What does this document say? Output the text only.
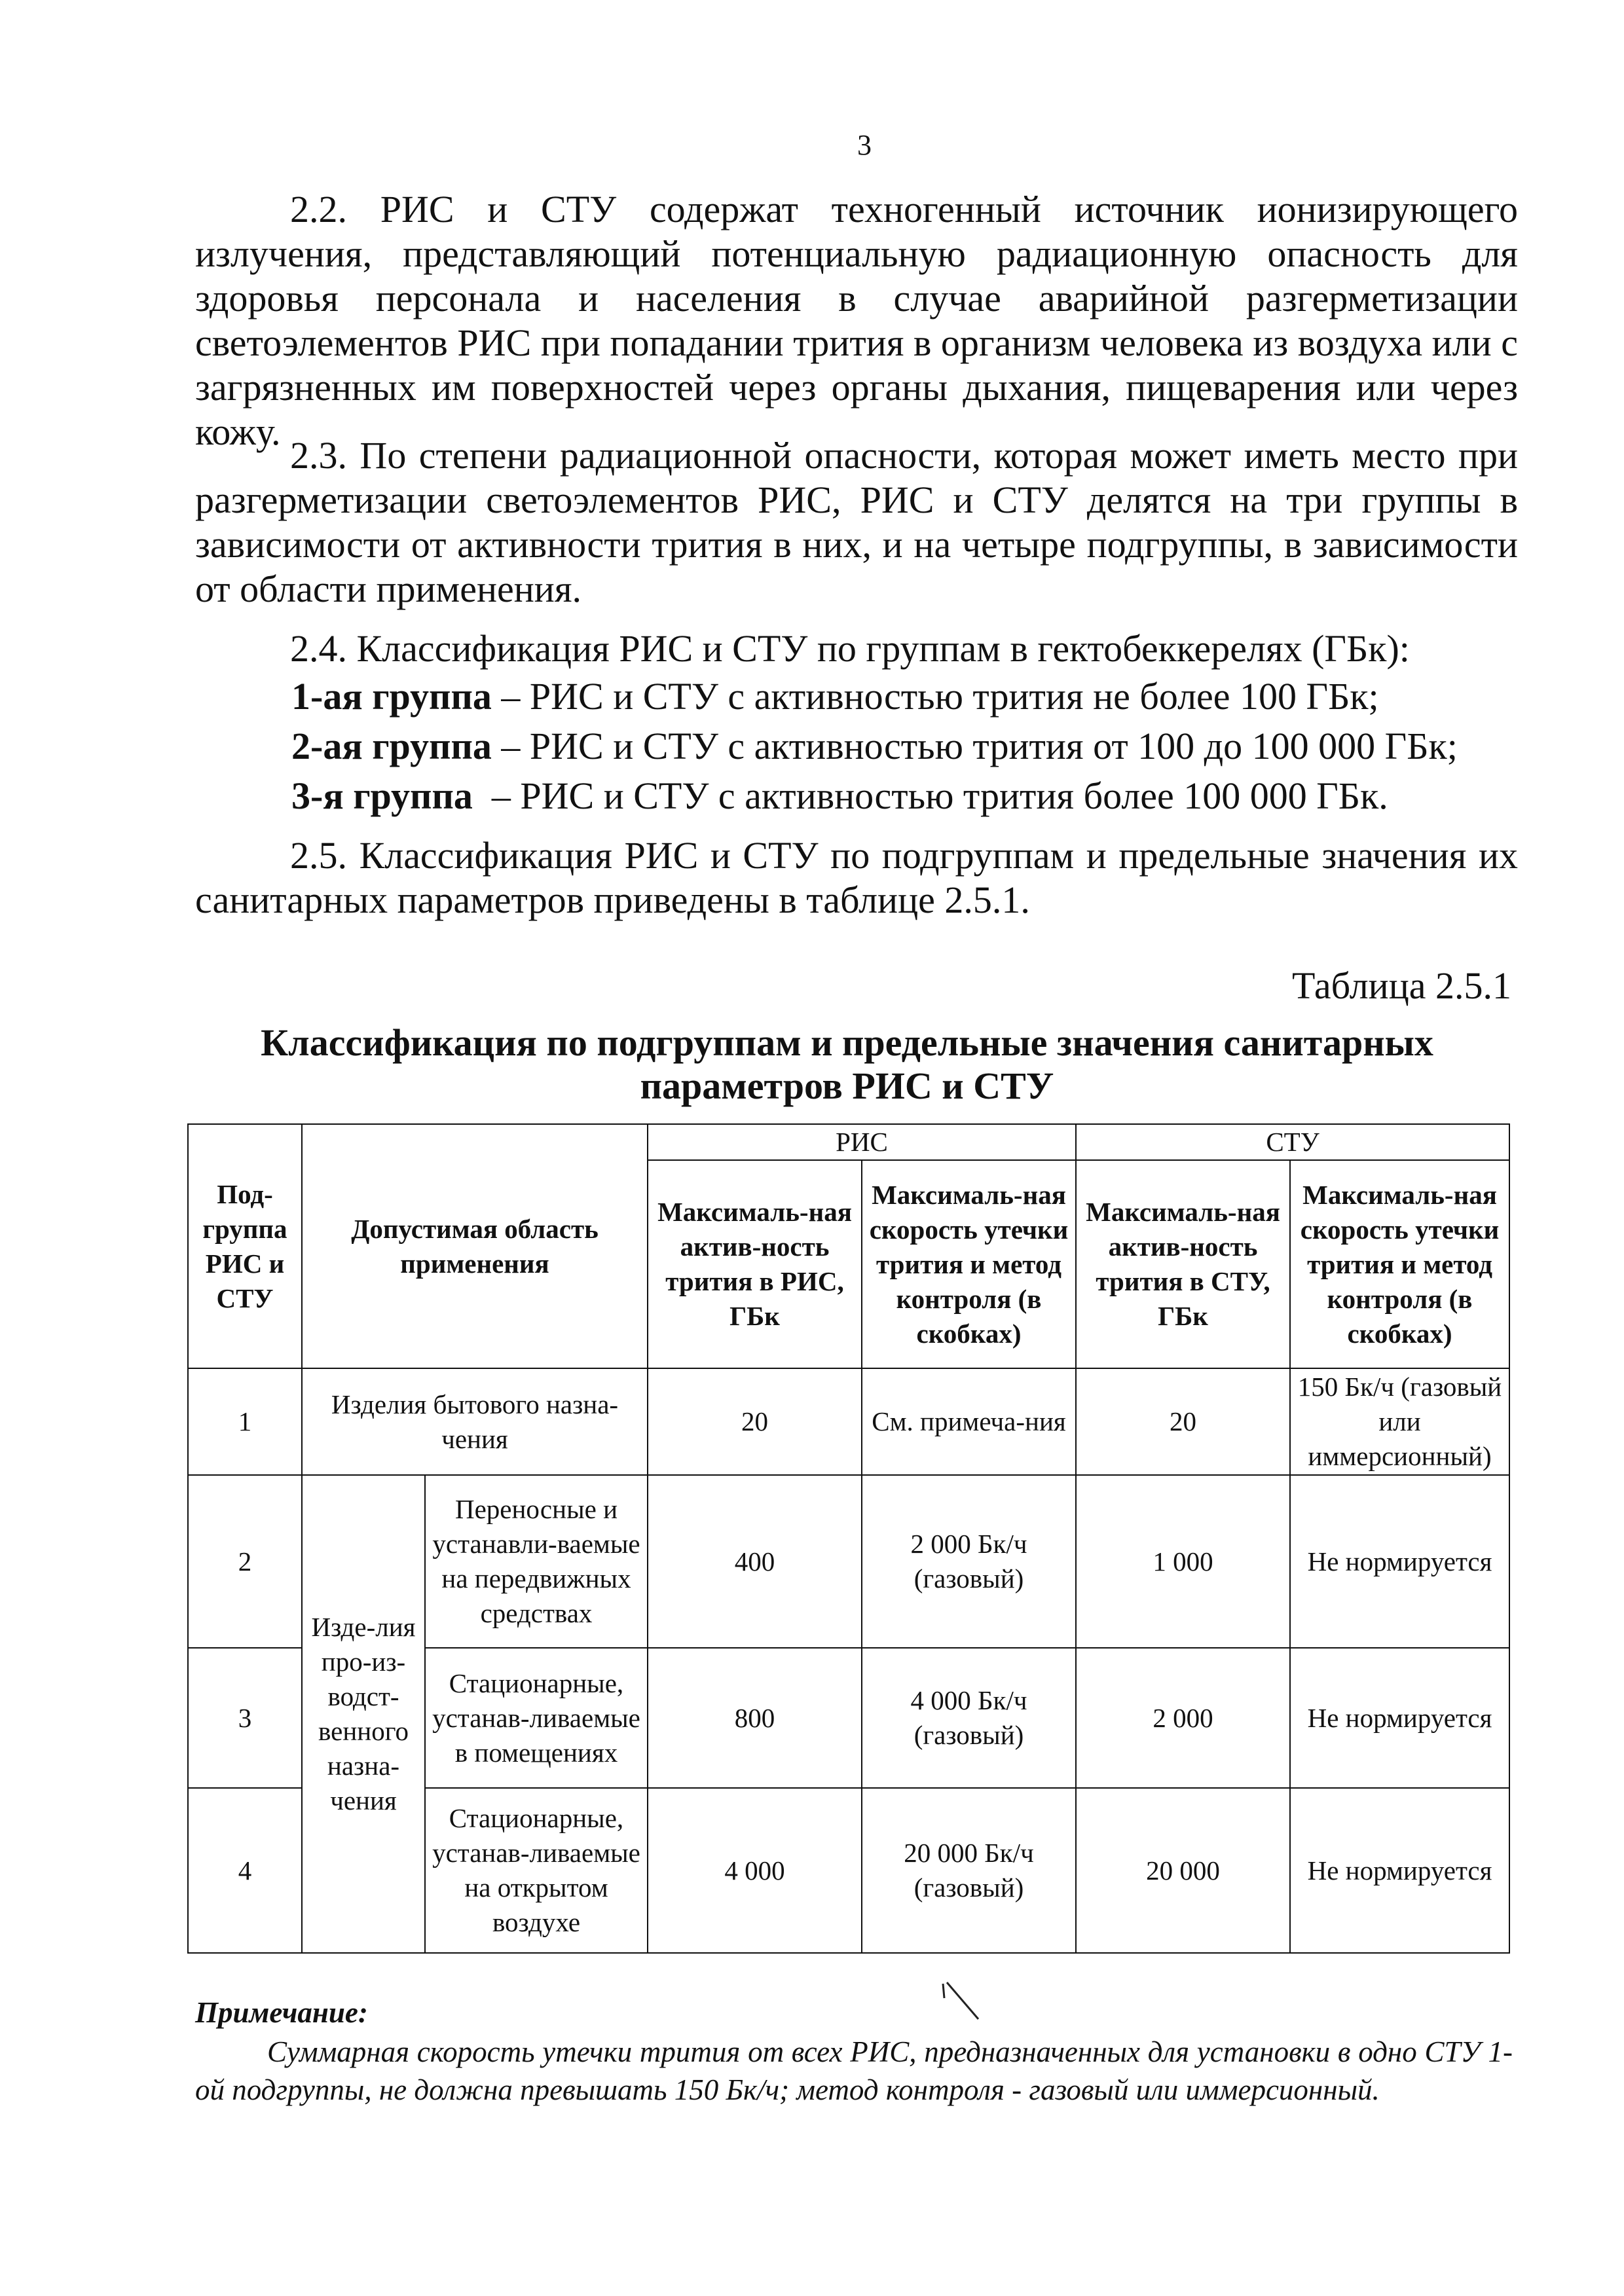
3

2.2. РИС и СТУ содержат техногенный источник ионизирующего излучения, представляющий потенциальную радиационную опасность для здоровья персонала и населения в случае аварийной разгерметизации светоэлементов РИС при попадании трития в организм человека из воздуха или с загрязненных им поверхностей через органы дыхания, пищеварения или через кожу.

2.3. По степени радиационной опасности, которая может иметь место при разгерметизации светоэлементов РИС, РИС и СТУ делятся на три группы в зависимости от активности трития в них, и на четыре подгруппы, в зависимости от области применения.

2.4. Классификация РИС и СТУ по группам в гектобеккерелях (ГБк):

1-ая группа – РИС и СТУ с активностью трития не более 100 ГБк;
2-ая группа – РИС и СТУ с активностью трития от 100 до 100 000 ГБк;
3-я группа  – РИС и СТУ с активностью трития более 100 000 ГБк.

2.5. Классификация РИС и СТУ по подгруппам и предельные значения их санитарных параметров приведены в таблице 2.5.1.

Таблица 2.5.1
Классификация по подгруппам и предельные значения санитарных параметров РИС и СТУ
Под-группа РИС и СТУ	Допустимая область применения		РИС		СТУ	
			Максималь-ная актив-ность трития в РИС, ГБк	Максималь-ная скорость утечки трития и метод контроля (в скобках)	Максималь-ная актив-ность трития в СТУ, ГБк	Максималь-ная скорость утечки трития и метод контроля (в скобках)
1	Изделия бытового назна-чения		20	См. примеча-ния	20	150 Бк/ч (газовый или иммерсионный)
2	Изде-лия про-из-водст-венного назна-чения	Переносные и устанавли-ваемые на передвижных средствах	400	2 000 Бк/ч (газовый)	1 000	Не нормируется
3		Стационарные, устанав-ливаемые в помещениях	800	4 000 Бк/ч (газовый)	2 000	Не нормируется
4		Стационарные, устанав-ливаемые на открытом воздухе	4 000	20 000 Бк/ч (газовый)	20 000	Не нормируется
Примечание:

Суммарная скорость утечки трития от всех РИС, предназначенных для установки в одно СТУ 1-ой подгруппы, не должна превышать 150 Бк/ч; метод контроля - газовый или иммерсионный.
